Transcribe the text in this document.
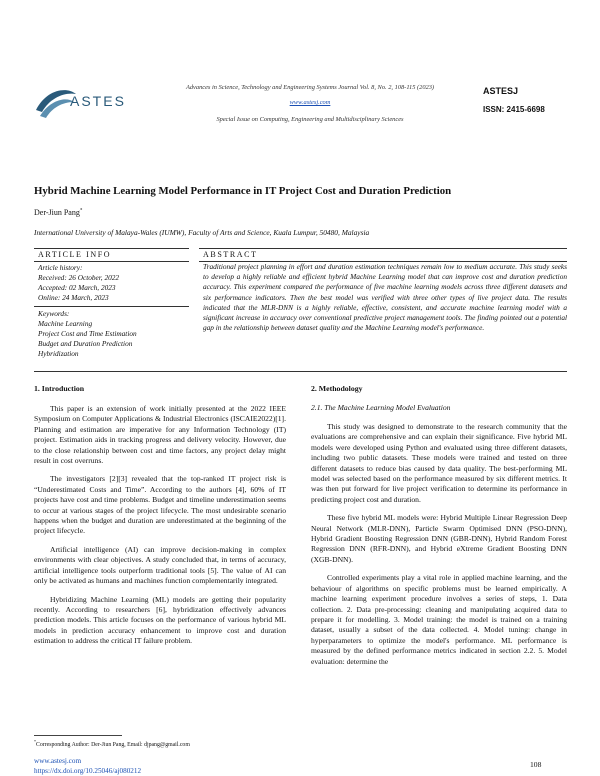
ASTES
Advances in Science, Technology and Engineering Systems Journal Vol. 8, No. 2, 108-115 (2023)
www.astesj.com
Special Issue on Computing, Engineering and Multidisciplinary Sciences
ASTESJ
ISSN: 2415-6698
Hybrid Machine Learning Model Performance in IT Project Cost and Duration Prediction
Der-Jiun Pang*
International University of Malaya-Wales (IUMW), Faculty of Arts and Science, Kuala Lumpur, 50480, Malaysia
ARTICLE INFO
Article history:
Received: 26 October, 2022
Accepted: 02 March, 2023
Online: 24 March, 2023
Keywords:
Machine Learning
Project Cost and Time Estimation
Budget and Duration Prediction
Hybridization
ABSTRACT
Traditional project planning in effort and duration estimation techniques remain low to medium accurate. This study seeks to develop a highly reliable and efficient hybrid Machine Learning model that can improve cost and duration prediction accuracy. This experiment compared the performance of five machine learning models across three different datasets and six performance indicators. Then the best model was verified with three other types of live project data. The results indicated that the MLR-DNN is a highly reliable, effective, consistent, and accurate machine learning model with a significant increase in accuracy over conventional predictive project management tools. The finding pointed out a potential gap in the relationship between dataset quality and the Machine Learning model's performance.
1. Introduction

This paper is an extension of work initially presented at the 2022 IEEE Symposium on Computer Applications & Industrial Electronics (ISCAIE2022)[1]. Planning and estimation are imperative for any Information Technology (IT) project. Estimation aids in tracking progress and delivery velocity. However, due to the close relationship between cost and time factors, any project delay might result in cost overruns.

The investigators [2][3] revealed that the top-ranked IT project risk is “Underestimated Costs and Time”. According to the authors [4], 60% of IT projects have cost and time problems. Budget and timeline underestimation seems to occur at various stages of the project lifecycle. The most undesirable scenario happens when the budget and duration are underestimated at the beginning of the project lifecycle.

Artificial intelligence (AI) can improve decision-making in complex environments with clear objectives. A study concluded that, in terms of accuracy, artificial intelligence tools outperform traditional tools [5]. The value of AI can only be activated as humans and machines function complementarily integrated.

Hybridizing Machine Learning (ML) models are getting their popularity recently. According to researchers [6], hybridization effectively advances prediction models. This article focuses on the performance of various hybrid ML models in prediction accuracy enhancement to improve cost and duration estimation to address the critical IT failure problem.

2. Methodology
2.1. The Machine Learning Model Evaluation

This study was designed to demonstrate to the research community that the evaluations are comprehensive and can explain their significance. Five hybrid ML models were developed using Python and evaluated using three different datasets, including two public datasets. These models were trained and tested on three different datasets to reduce bias caused by data quality. The best-performing ML model was selected based on the performance measured by six different metrics. It was then put forward for live project verification to determine its performance in predicting project cost and duration.

These five hybrid ML models were: Hybrid Multiple Linear Regression Deep Neural Network (MLR-DNN), Particle Swarm Optimised DNN (PSO-DNN), Hybrid Gradient Boosting Regression DNN (GBR-DNN), Hybrid Random Forest Regression DNN (RFR-DNN), and Hybrid eXtreme Gradient Boosting DNN (XGB-DNN).

Controlled experiments play a vital role in applied machine learning, and the behaviour of algorithms on specific problems must be learned empirically. A machine learning experiment procedure involves a series of steps, 1. Data collection. 2. Data pre-processing: cleaning and manipulating acquired data to prepare it for modelling. 3. Model training: the model is trained on a training dataset, usually a subset of the data collected. 4. Model tuning: change in hyperparameters to optimize the model's performance. ML performance is measured by the defined performance metrics indicated in section 2.2. 5. Model evaluation: determine the

*Corresponding Author: Der-Jiun Pang, Email: djpang@gmail.com
www.astesj.com
https://dx.doi.org/10.25046/aj080212
108
